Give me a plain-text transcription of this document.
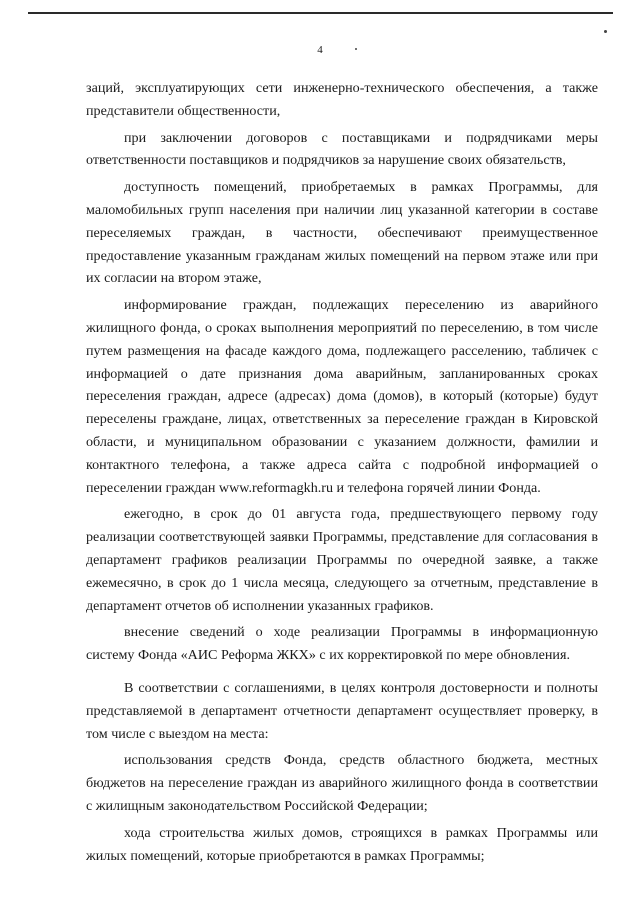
4

заций, эксплуатирующих сети инженерно-технического обеспечения, а также представители общественности,

при заключении договоров с поставщиками и подрядчиками меры ответственности поставщиков и подрядчиков за нарушение своих обязательств,

доступность помещений, приобретаемых в рамках Программы, для маломобильных групп населения при наличии лиц указанной категории в составе переселяемых граждан, в частности, обеспечивают преимущественное предоставление указанным гражданам жилых помещений на первом этаже или при их согласии на втором этаже,

информирование граждан, подлежащих переселению из аварийного жилищного фонда, о сроках выполнения мероприятий по переселению, в том числе путем размещения на фасаде каждого дома, подлежащего расселению, табличек с информацией о дате признания дома аварийным, запланированных сроках переселения граждан, адресе (адресах) дома (домов), в который (которые) будут переселены граждане, лицах, ответственных за переселение граждан в Кировской области, и муниципальном образовании с указанием должности, фамилии и контактного телефона, а также адреса сайта с подробной информацией о переселении граждан www.reformagkh.ru и телефона горячей линии Фонда.

ежегодно, в срок до 01 августа года, предшествующего первому году реализации соответствующей заявки Программы, представление для согласования в департамент графиков реализации Программы по очередной заявке, а также ежемесячно, в срок до 1 числа месяца, следующего за отчетным, представление в департамент отчетов об исполнении указанных графиков.

внесение сведений о ходе реализации Программы в информационную систему Фонда «АИС Реформа ЖКХ» с их корректировкой по мере обновления.

В соответствии с соглашениями, в целях контроля достоверности и полноты представляемой в департамент отчетности департамент осуществляет проверку, в том числе с выездом на места:

использования средств Фонда, средств областного бюджета, местных бюджетов на переселение граждан из аварийного жилищного фонда в соответствии с жилищным законодательством Российской Федерации;

хода строительства жилых домов, строящихся в рамках Программы или жилых помещений, которые приобретаются в рамках Программы;
